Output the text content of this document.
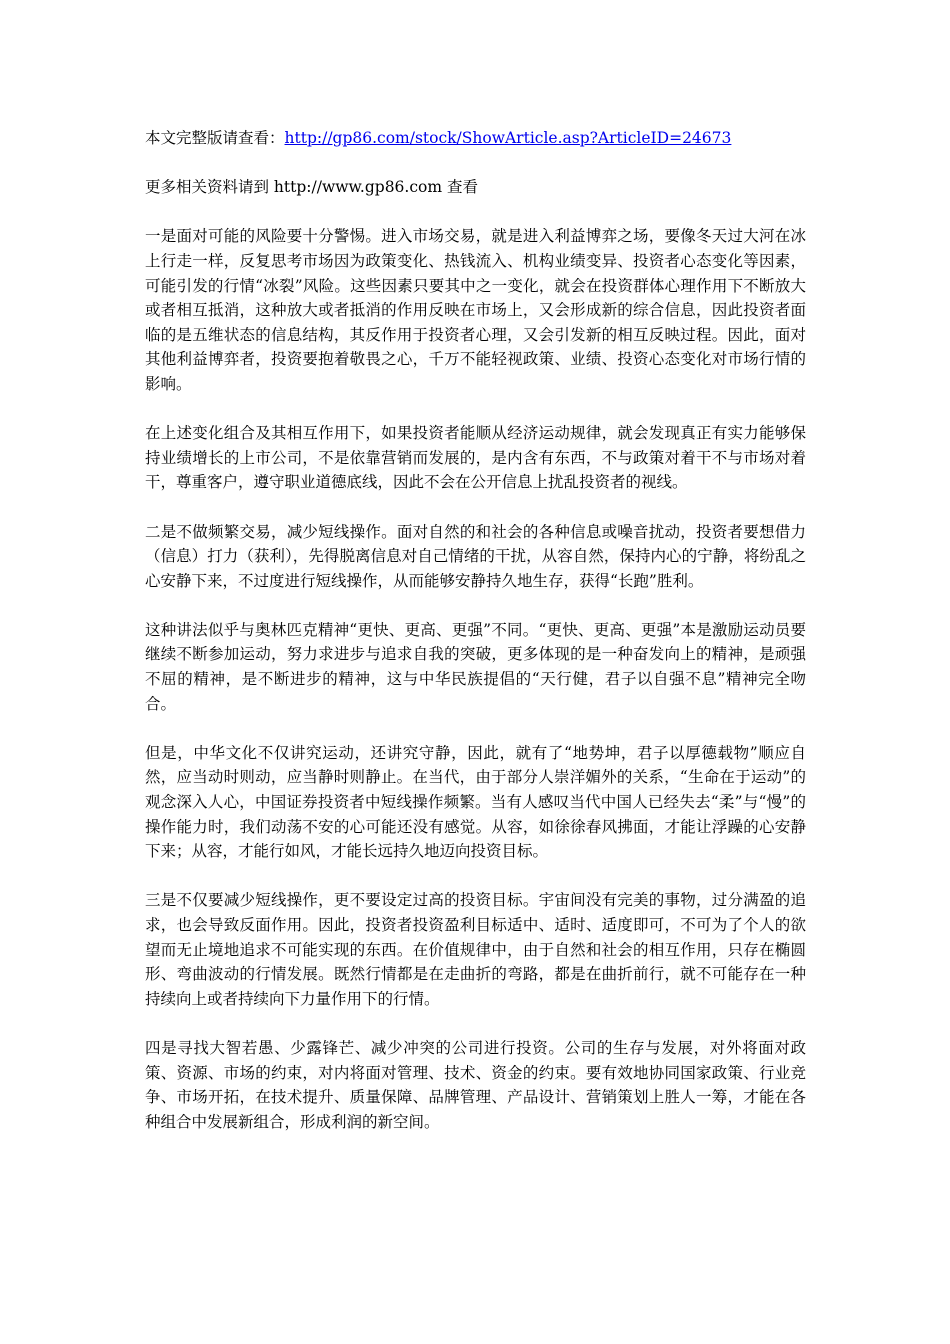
本文完整版请查看：http://gp86.com/stock/ShowArticle.asp?ArticleID=24673

更多相关资料请到 http://www.gp86.com 查看

一是面对可能的风险要十分警惕。进入市场交易，就是进入利益博弈之场，要像冬天过大河在冰上行走一样，反复思考市场因为政策变化、热钱流入、机构业绩变异、投资者心态变化等因素，可能引发的行情“冰裂”风险。这些因素只要其中之一变化，就会在投资群体心理作用下不断放大或者相互抵消，这种放大或者抵消的作用反映在市场上，又会形成新的综合信息，因此投资者面临的是五维状态的信息结构，其反作用于投资者心理，又会引发新的相互反映过程。因此，面对其他利益博弈者，投资要抱着敬畏之心，千万不能轻视政策、业绩、投资心态变化对市场行情的影响。

在上述变化组合及其相互作用下，如果投资者能顺从经济运动规律，就会发现真正有实力能够保持业绩增长的上市公司，不是依靠营销而发展的，是内含有东西，不与政策对着干不与市场对着干，尊重客户，遵守职业道德底线，因此不会在公开信息上扰乱投资者的视线。

二是不做频繁交易，减少短线操作。面对自然的和社会的各种信息或噪音扰动，投资者要想借力（信息）打力（获利），先得脱离信息对自己情绪的干扰，从容自然，保持内心的宁静，将纷乱之心安静下来，不过度进行短线操作，从而能够安静持久地生存，获得“长跑”胜利。

这种讲法似乎与奥林匹克精神“更快、更高、更强”不同。“更快、更高、更强”本是激励运动员要继续不断参加运动，努力求进步与追求自我的突破，更多体现的是一种奋发向上的精神，是顽强不屈的精神，是不断进步的精神，这与中华民族提倡的“天行健，君子以自强不息”精神完全吻合。

但是，中华文化不仅讲究运动，还讲究守静，因此，就有了“地势坤，君子以厚德载物”顺应自然，应当动时则动，应当静时则静止。在当代，由于部分人崇洋媚外的关系，“生命在于运动”的观念深入人心，中国证券投资者中短线操作频繁。当有人感叹当代中国人已经失去“柔”与“慢”的操作能力时，我们动荡不安的心可能还没有感觉。从容，如徐徐春风拂面，才能让浮躁的心安静下来；从容，才能行如风，才能长远持久地迈向投资目标。

三是不仅要减少短线操作，更不要设定过高的投资目标。宇宙间没有完美的事物，过分满盈的追求，也会导致反面作用。因此，投资者投资盈利目标适中、适时、适度即可，不可为了个人的欲望而无止境地追求不可能实现的东西。在价值规律中，由于自然和社会的相互作用，只存在椭圆形、弯曲波动的行情发展。既然行情都是在走曲折的弯路，都是在曲折前行，就不可能存在一种持续向上或者持续向下力量作用下的行情。

四是寻找大智若愚、少露锋芒、减少冲突的公司进行投资。公司的生存与发展，对外将面对政策、资源、市场的约束，对内将面对管理、技术、资金的约束。要有效地协同国家政策、行业竞争、市场开拓，在技术提升、质量保障、品牌管理、产品设计、营销策划上胜人一筹，才能在各种组合中发展新组合，形成利润的新空间。
